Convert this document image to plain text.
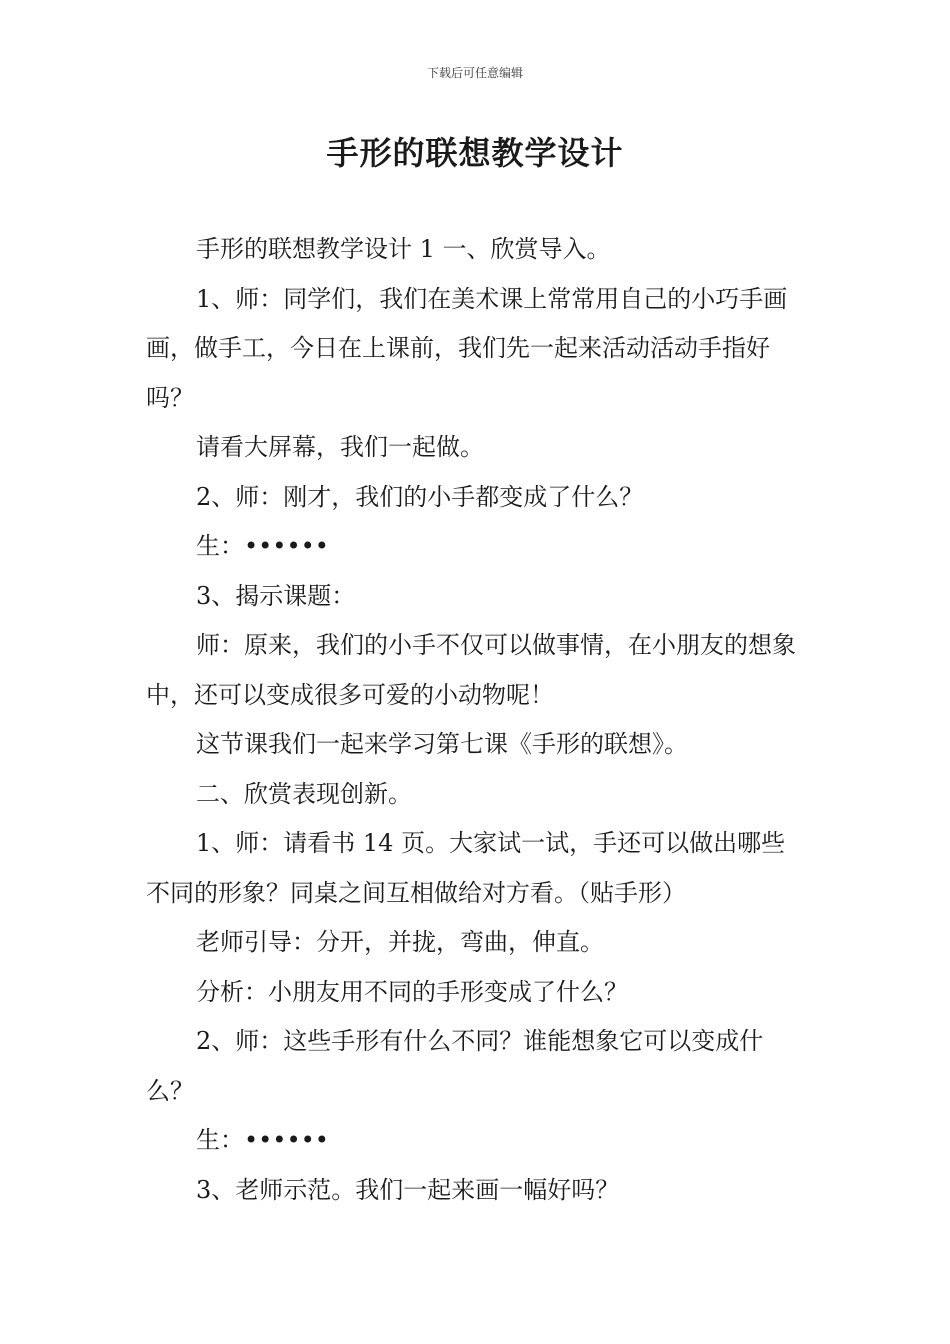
下载后可任意编辑
手形的联想教学设计

手形的联想教学设计 1 一、欣赏导入。

1、师：同学们，我们在美术课上常常用自己的小巧手画画，做手工，今日在上课前，我们先一起来活动活动手指好吗？

请看大屏幕，我们一起做。

2、师：刚才，我们的小手都变成了什么？

生：••••••

3、揭示课题：

师：原来，我们的小手不仅可以做事情，在小朋友的想象中，还可以变成很多可爱的小动物呢！

这节课我们一起来学习第七课《手形的联想》。

二、欣赏表现创新。

1、师：请看书 14 页。大家试一试，手还可以做出哪些不同的形象？同桌之间互相做给对方看。（贴手形）

老师引导：分开，并拢，弯曲，伸直。

分析：小朋友用不同的手形变成了什么？

2、师：这些手形有什么不同？谁能想象它可以变成什么？

生：••••••

3、老师示范。我们一起来画一幅好吗？
